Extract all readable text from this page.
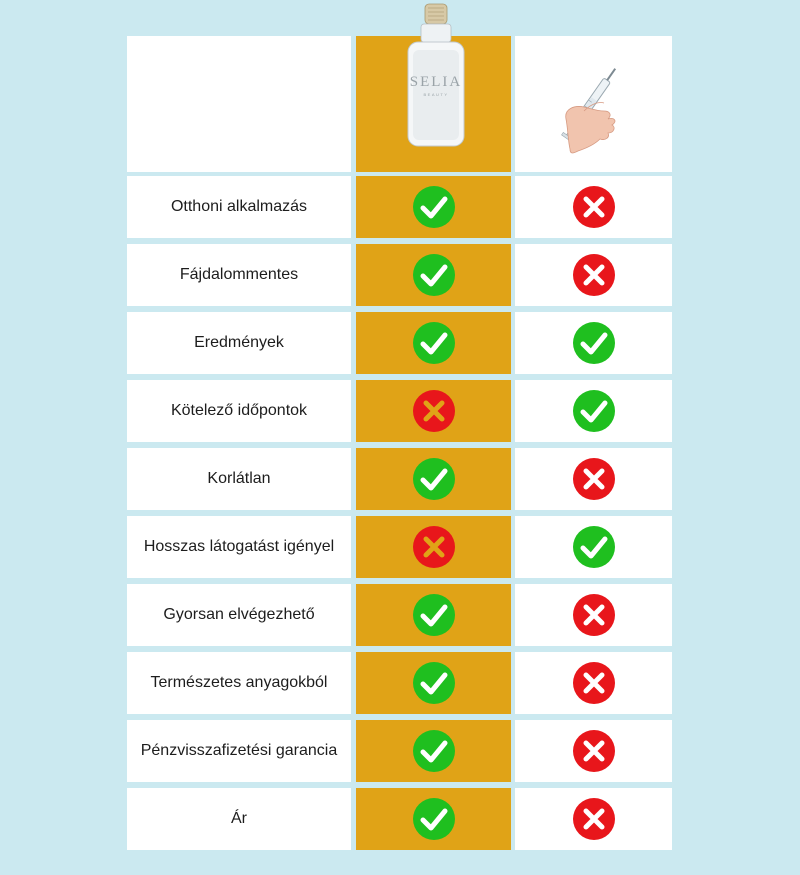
Otthoni alkalmazás
Fájdalommentes
Eredmények
Kötelező időpontok
Korlátlan
Hosszas látogatást igényel
Gyorsan elvégezhető
Természetes anyagokból
Pénzvisszafizetési garancia
Ár
SELIA
BEAUTY
